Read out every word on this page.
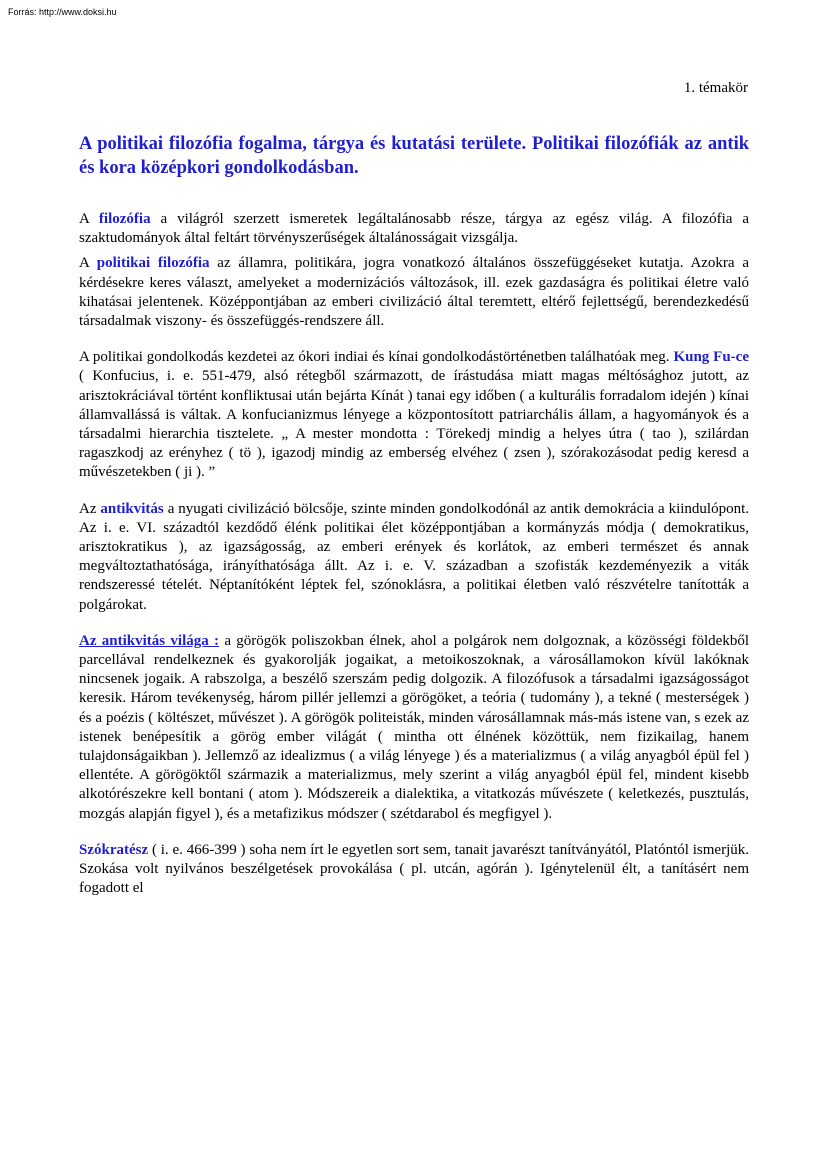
Forrás: http://www.doksi.hu
1. témakör
A politikai filozófia fogalma, tárgya és kutatási területe. Politikai filozófiák az antik és kora középkori gondolkodásban.

A filozófia a világról szerzett ismeretek legáltalánosabb része, tárgya az egész világ. A filozófia a szaktudományok által feltárt törvényszerűségek általánosságait vizsgálja.

A politikai filozófia az államra, politikára, jogra vonatkozó általános összefüggéseket kutatja. Azokra a kérdésekre keres választ, amelyeket a modernizációs változások, ill. ezek gazdaságra és politikai életre való kihatásai jelentenek. Középpontjában az emberi civilizáció által teremtett, eltérő fejlettségű, berendezkedésű társadalmak viszony- és összefüggés-rendszere áll.

A politikai gondolkodás kezdetei az ókori indiai és kínai gondolkodástörténetben találhatóak meg. Kung Fu-ce ( Konfucius, i. e. 551-479, alsó rétegből származott, de írástudása miatt magas méltósághoz jutott, az arisztokráciával történt konfliktusai után bejárta Kínát ) tanai egy időben ( a kulturális forradalom idején ) kínai államvallássá is váltak. A konfucianizmus lényege a központosított patriarchális állam, a hagyományok és a társadalmi hierarchia tisztelete. „ A mester mondotta : Törekedj mindig a helyes útra ( tao ), szilárdan ragaszkodj az erényhez ( tö ), igazodj mindig az emberség elvéhez ( zsen ), szórakozásodat pedig keresd a művészetekben ( ji ). ”

Az antikvitás a nyugati civilizáció bölcsője, szinte minden gondolkodónál az antik demokrácia a kiindulópont. Az i. e. VI. századtól kezdődő élénk politikai élet középpontjában a kormányzás módja ( demokratikus, arisztokratikus ), az igazságosság, az emberi erények és korlátok, az emberi természet és annak megváltoztathatósága, irányíthatósága állt. Az i. e. V. században a szofisták kezdeményezik a viták rendszeressé tételét. Néptanítóként léptek fel, szónoklásra, a politikai életben való részvételre tanították a polgárokat.

Az antikvitás világa : a görögök poliszokban élnek, ahol a polgárok nem dolgoznak, a közösségi földekből parcellával rendelkeznek és gyakorolják jogaikat, a metoikoszoknak, a városállamokon kívül lakóknak nincsenek jogaik. A rabszolga, a beszélő szerszám pedig dolgozik. A filozófusok a társadalmi igazságosságot keresik. Három tevékenység, három pillér jellemzi a görögöket, a teória ( tudomány ), a tekné ( mesterségek ) és a poézis ( költészet, művészet ). A görögök politeisták, minden városállamnak más-más istene van, s ezek az istenek benépesítik a görög ember világát ( mintha ott élnének közöttük, nem fizikailag, hanem tulajdonságaikban ). Jellemző az idealizmus ( a világ lényege ) és a materializmus ( a világ anyagból épül fel ) ellentéte. A görögöktől származik a materializmus, mely szerint a világ anyagból épül fel, mindent kisebb alkotórészekre kell bontani ( atom ). Módszereik a dialektika, a vitatkozás művészete ( keletkezés, pusztulás, mozgás alapján figyel ), és a metafizikus módszer ( szétdarabol és megfigyel ).

Szókratész ( i. e. 466-399 ) soha nem írt le egyetlen sort sem, tanait javarészt tanítványától, Platóntól ismerjük. Szokása volt nyilvános beszélgetések provokálása ( pl. utcán, agórán ). Igénytelenül élt, a tanításért nem fogadott el
